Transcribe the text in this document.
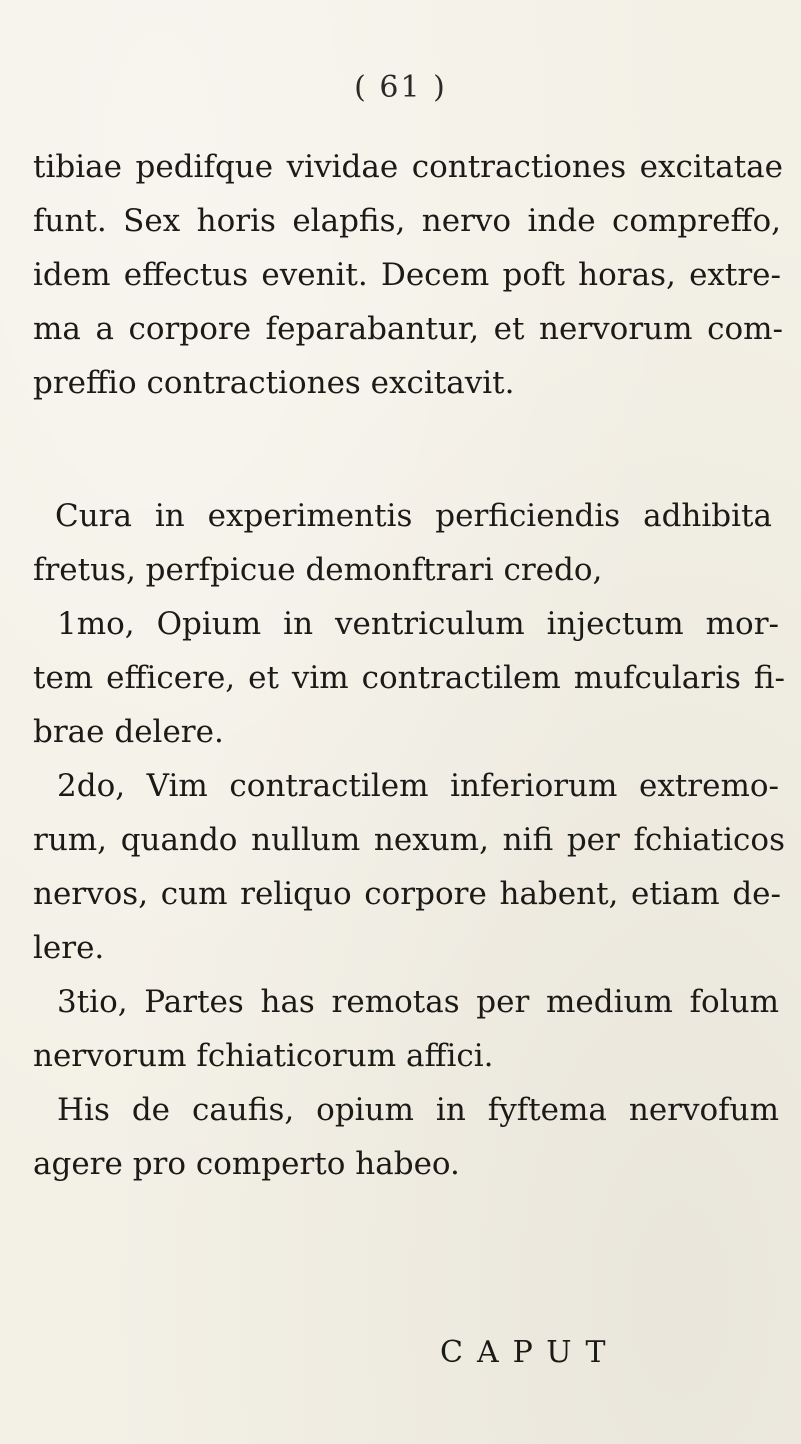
( 61 )
tibiae pedifque vividae contractiones excitatae
funt. Sex horis elapfis, nervo inde compreffo,
idem effectus evenit. Decem poft horas, extre-
ma a corpore feparabantur, et nervorum com-
preffio contractiones excitavit.
Cura in experimentis perficiendis adhibita
fretus, perfpicue demonftrari credo,
1mo, Opium in ventriculum injectum mor-
tem efficere, et vim contractilem mufcularis fi-
brae delere.
2do, Vim contractilem inferiorum extremo-
rum, quando nullum nexum, nifi per fchiaticos
nervos, cum reliquo corpore habent, etiam de-
lere.
3tio, Partes has remotas per medium folum
nervorum fchiaticorum affici.
His de caufis, opium in fyftema nervofum
agere pro comperto habeo.
CAPUT
